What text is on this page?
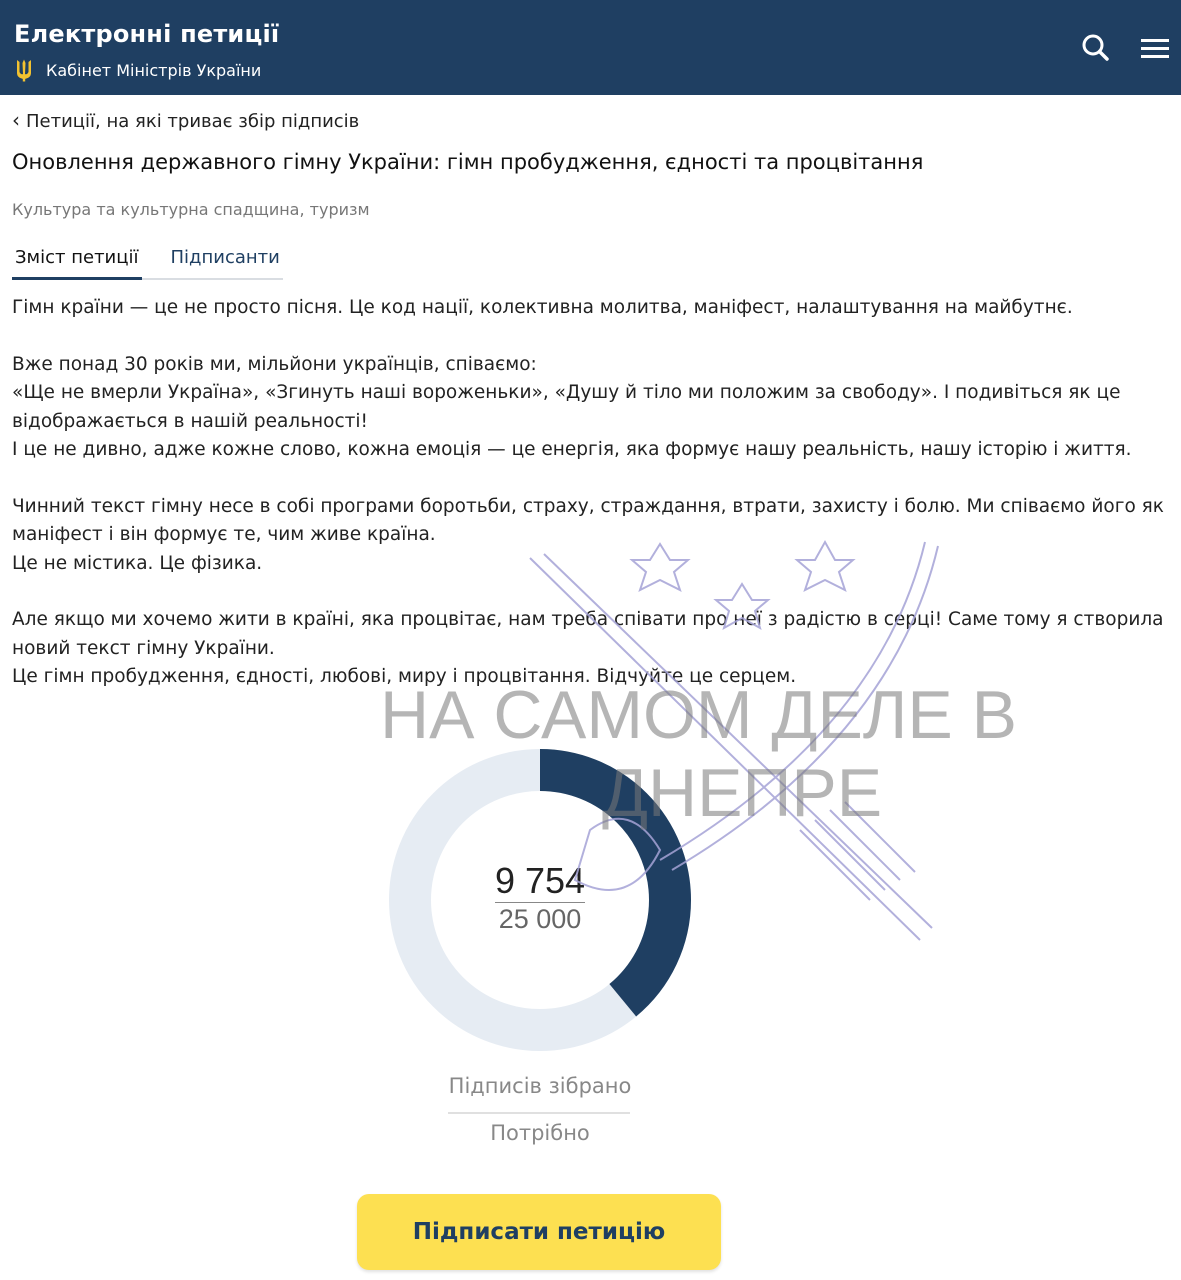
Електронні петиції
Кабінет Міністрів України
‹ Петиції, на які триває збір підписів
Оновлення державного гімну України: гімн пробудження, єдності та процвітання
Культура та культурна спадщина, туризм
Зміст петиції Підписанти

Гімн країни — це не просто пісня. Це код нації, колективна молитва, маніфест, налаштування на майбутнє.

Вже понад 30 років ми, мільйони українців, співаємо:
«Ще не вмерли Україна», «Згинуть наші вороженьки», «Душу й тіло ми положим за свободу». І подивіться як це
відображається в нашій реальності!
І це не дивно, адже кожне слово, кожна емоція — це енергія, яка формує нашу реальність, нашу історію і життя.

Чинний текст гімну несе в собі програми боротьби, страху, страждання, втрати, захисту і болю. Ми співаємо його як
маніфест і він формує те, чим живе країна.
Це не містика. Це фізика.

Але якщо ми хочемо жити в країні, яка процвітає, нам треба співати про неї з радістю в серці! Саме тому я створила
новий текст гімну України.
Це гімн пробудження, єдності, любові, миру і процвітання. Відчуйте це серцем.

9 754
25 000
Підписів зібрано
Потрібно
НА САМОМ ДЕЛЕ В
ДНЕПРЕ
Підписати петицію
